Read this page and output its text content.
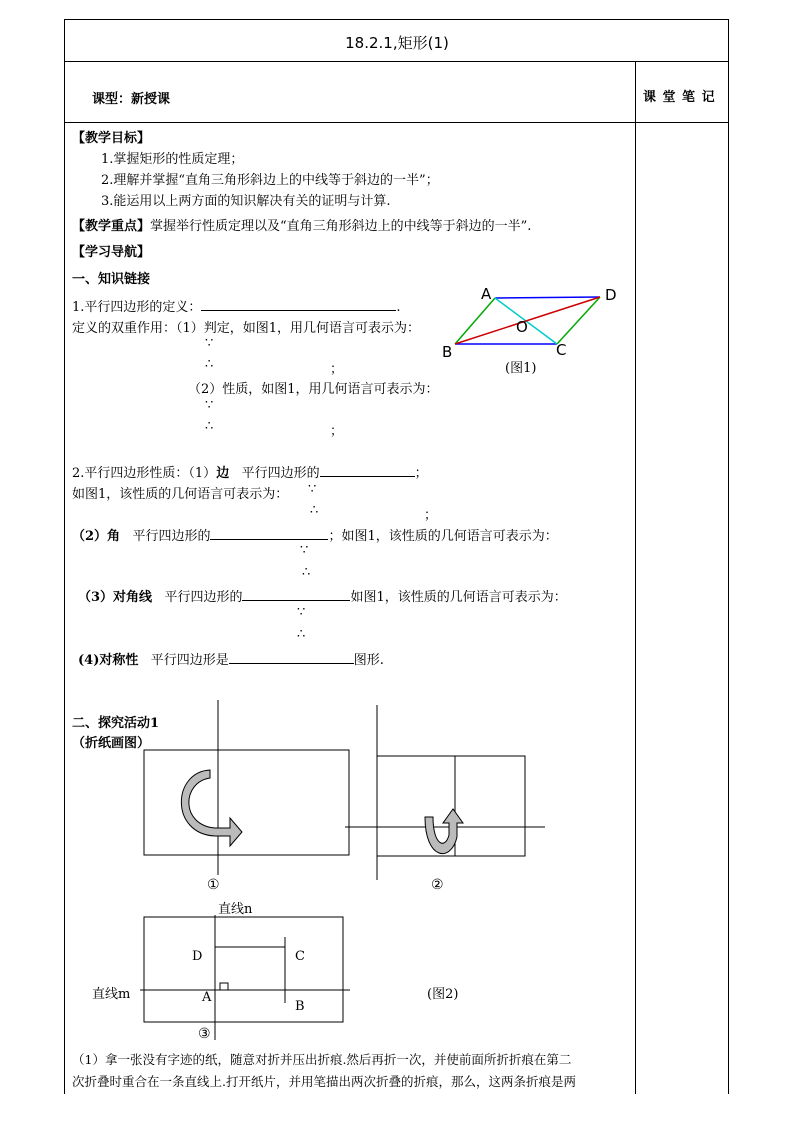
18.2.1,矩形(1)
课型：新授课	课 堂 笔 记
【教学目标】
1.掌握矩形的性质定理；
2.理解并掌握“直角三角形斜边上的中线等于斜边的一半”；
3.能运用以上两方面的知识解决有关的证明与计算.
【教学重点】掌握举行性质定理以及“直角三角形斜边上的中线等于斜边的一半”.
【学习导航】
一、知识链接
1.平行四边形的定义：	.
定义的双重作用：（1）判定，如图1，用几何语言可表示为：
∵
∴	；
（2）性质，如图1，用几何语言可表示为：
∵
∴	；
A	D
O
B	C
(图1)
2.平行四边形性质：（1）边 平行四边形的	；
如图1，该性质的几何语言可表示为： ∵
∴	；
（2）角 平行四边形的	；如图1，该性质的几何语言可表示为：
∵
∴
（3）对角线 平行四边形的	如图1，该性质的几何语言可表示为：
∵
∴
(4)对称性 平行四边形是	图形.
二、探究活动1
（折纸画图）
①	②
直线n
D	C
A
B
直线m	(图2)
③
（1）拿一张没有字迹的纸，随意对折并压出折痕.然后再折一次，并使前面所折折痕在第二
次折叠时重合在一条直线上.打开纸片，并用笔描出两次折叠的折痕，那么，这两条折痕是两
